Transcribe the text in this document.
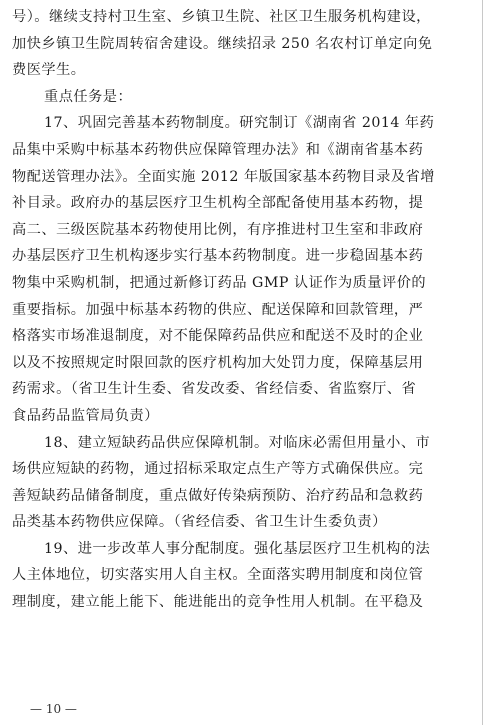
号）。继续支持村卫生室、乡镇卫生院、社区卫生服务机构建设，
加快乡镇卫生院周转宿舍建设。继续招录 250 名农村订单定向免
费医学生。
重点任务是：
17、巩固完善基本药物制度。研究制订《湖南省 2014 年药
品集中采购中标基本药物供应保障管理办法》和《湖南省基本药
物配送管理办法》。全面实施 2012 年版国家基本药物目录及省增
补目录。政府办的基层医疗卫生机构全部配备使用基本药物，提
高二、三级医院基本药物使用比例，有序推进村卫生室和非政府
办基层医疗卫生机构逐步实行基本药物制度。进一步稳固基本药
物集中采购机制，把通过新修订药品 GMP 认证作为质量评价的
重要指标。加强中标基本药物的供应、配送保障和回款管理，严
格落实市场准退制度，对不能保障药品供应和配送不及时的企业
以及不按照规定时限回款的医疗机构加大处罚力度，保障基层用
药需求。（省卫生计生委、省发改委、省经信委、省监察厅、省
食品药品监管局负责）
18、建立短缺药品供应保障机制。对临床必需但用量小、市
场供应短缺的药物，通过招标采取定点生产等方式确保供应。完
善短缺药品储备制度，重点做好传染病预防、治疗药品和急救药
品类基本药物供应保障。（省经信委、省卫生计生委负责）
19、进一步改革人事分配制度。强化基层医疗卫生机构的法
人主体地位，切实落实用人自主权。全面落实聘用制度和岗位管
理制度，建立能上能下、能进能出的竞争性用人机制。在平稳及
— 10 —
